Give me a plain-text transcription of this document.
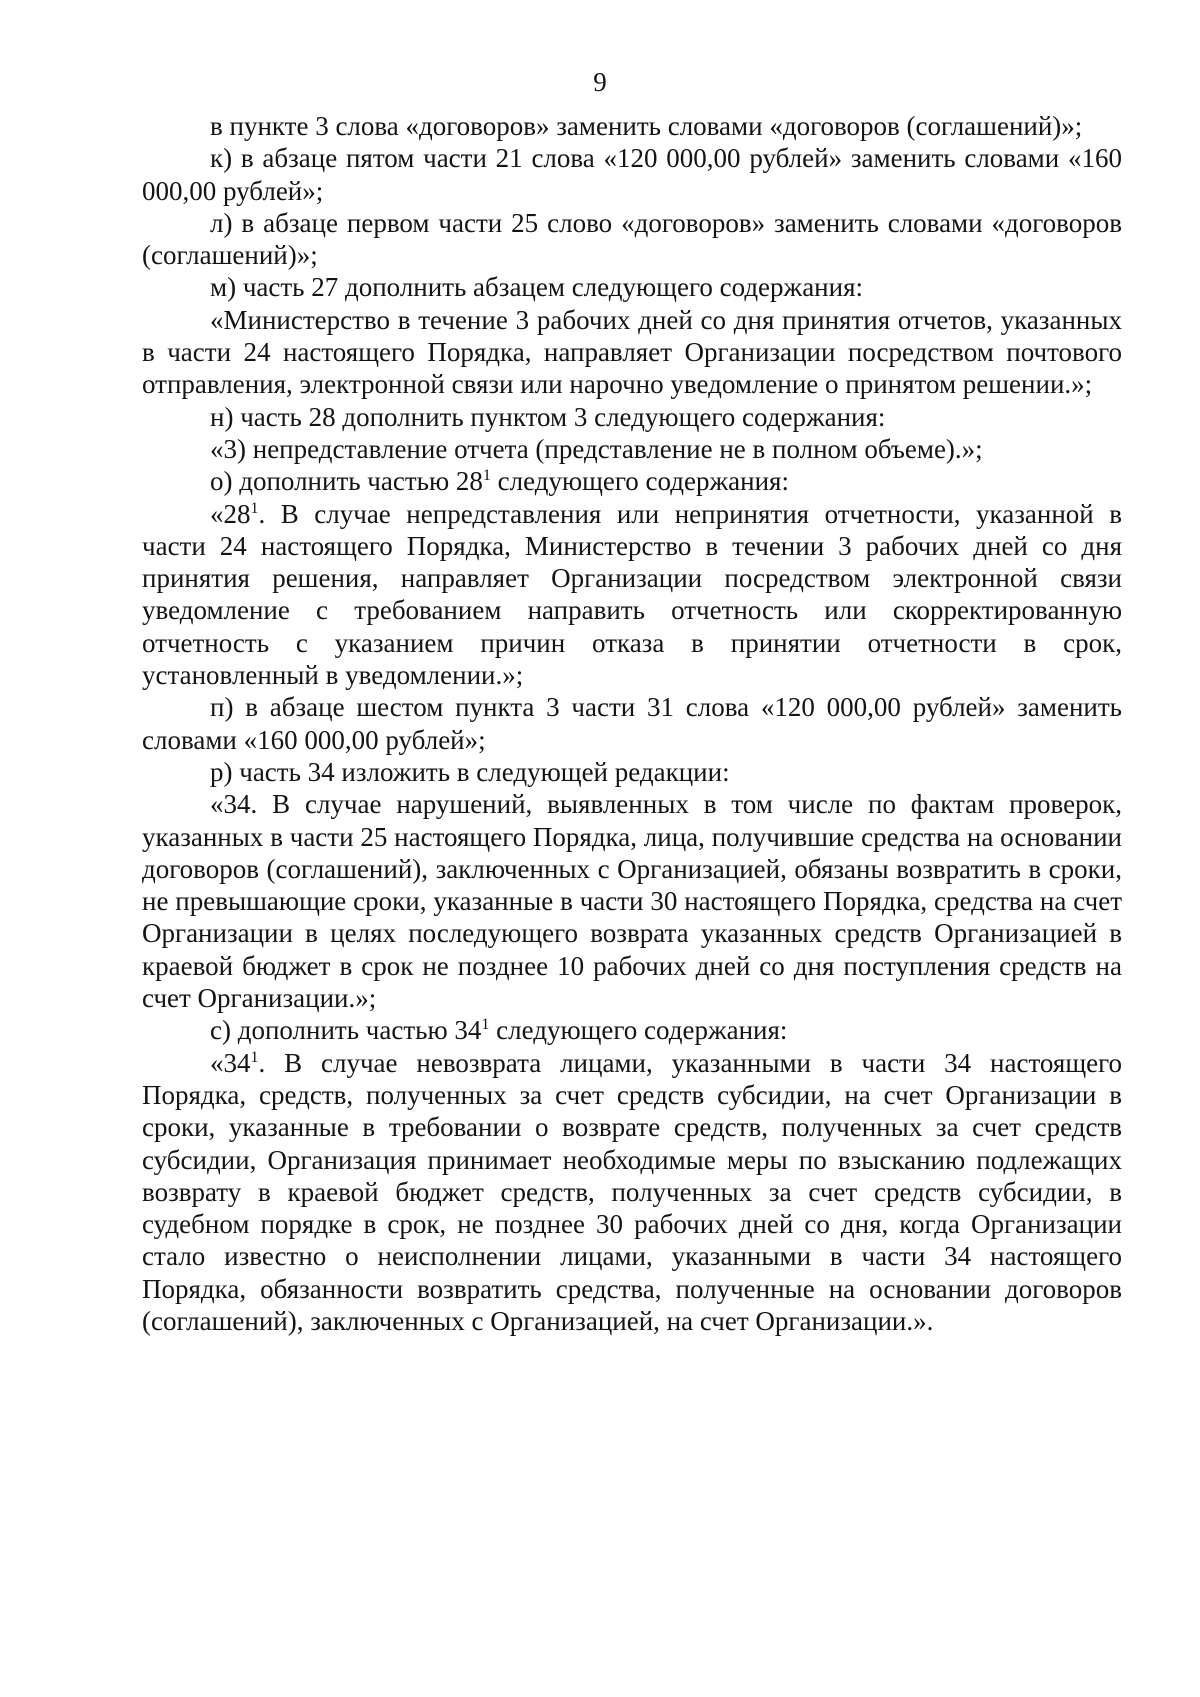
9

в пункте 3 слова «договоров» заменить словами «договоров (соглашений)»;

к) в абзаце пятом части 21 слова «120 000,00 рублей» заменить словами «160 000,00 рублей»;

л) в абзаце первом части 25 слово «договоров» заменить словами «договоров (соглашений)»;

м) часть 27 дополнить абзацем следующего содержания:

«Министерство в течение 3 рабочих дней со дня принятия отчетов, указанных в части 24 настоящего Порядка, направляет Организации посредством почтового отправления, электронной связи или нарочно уведомление о принятом решении.»;

н) часть 28 дополнить пунктом 3 следующего содержания:

«3) непредставление отчета (представление не в полном объеме).»;

о) дополнить частью $28^1$ следующего содержания:

«$28^1$. В случае непредставления или непринятия отчетности, указанной в части 24 настоящего Порядка, Министерство в течении 3 рабочих дней со дня принятия решения, направляет Организации посредством электронной связи уведомление с требованием направить отчетность или скорректированную отчетность с указанием причин отказа в принятии отчетности в срок, установленный в уведомлении.»;

п) в абзаце шестом пункта 3 части 31 слова «120 000,00 рублей» заменить словами «160 000,00 рублей»;

р) часть 34 изложить в следующей редакции:

«34. В случае нарушений, выявленных в том числе по фактам проверок, указанных в части 25 настоящего Порядка, лица, получившие средства на основании договоров (соглашений), заключенных с Организацией, обязаны возвратить в сроки, не превышающие сроки, указанные в части 30 настоящего Порядка, средства на счет Организации в целях последующего возврата указанных средств Организацией в краевой бюджет в срок не позднее 10 рабочих дней со дня поступления средств на счет Организации.»;

с) дополнить частью $34^1$ следующего содержания:

«$34^1$. В случае невозврата лицами, указанными в части 34 настоящего Порядка, средств, полученных за счет средств субсидии, на счет Организации в сроки, указанные в требовании о возврате средств, полученных за счет средств субсидии, Организация принимает необходимые меры по взысканию подлежащих возврату в краевой бюджет средств, полученных за счет средств субсидии, в судебном порядке в срок, не позднее 30 рабочих дней со дня, когда Организации стало известно о неисполнении лицами, указанными в части 34 настоящего Порядка, обязанности возвратить средства, полученные на основании договоров (соглашений), заключенных с Организацией, на счет Организации.».
